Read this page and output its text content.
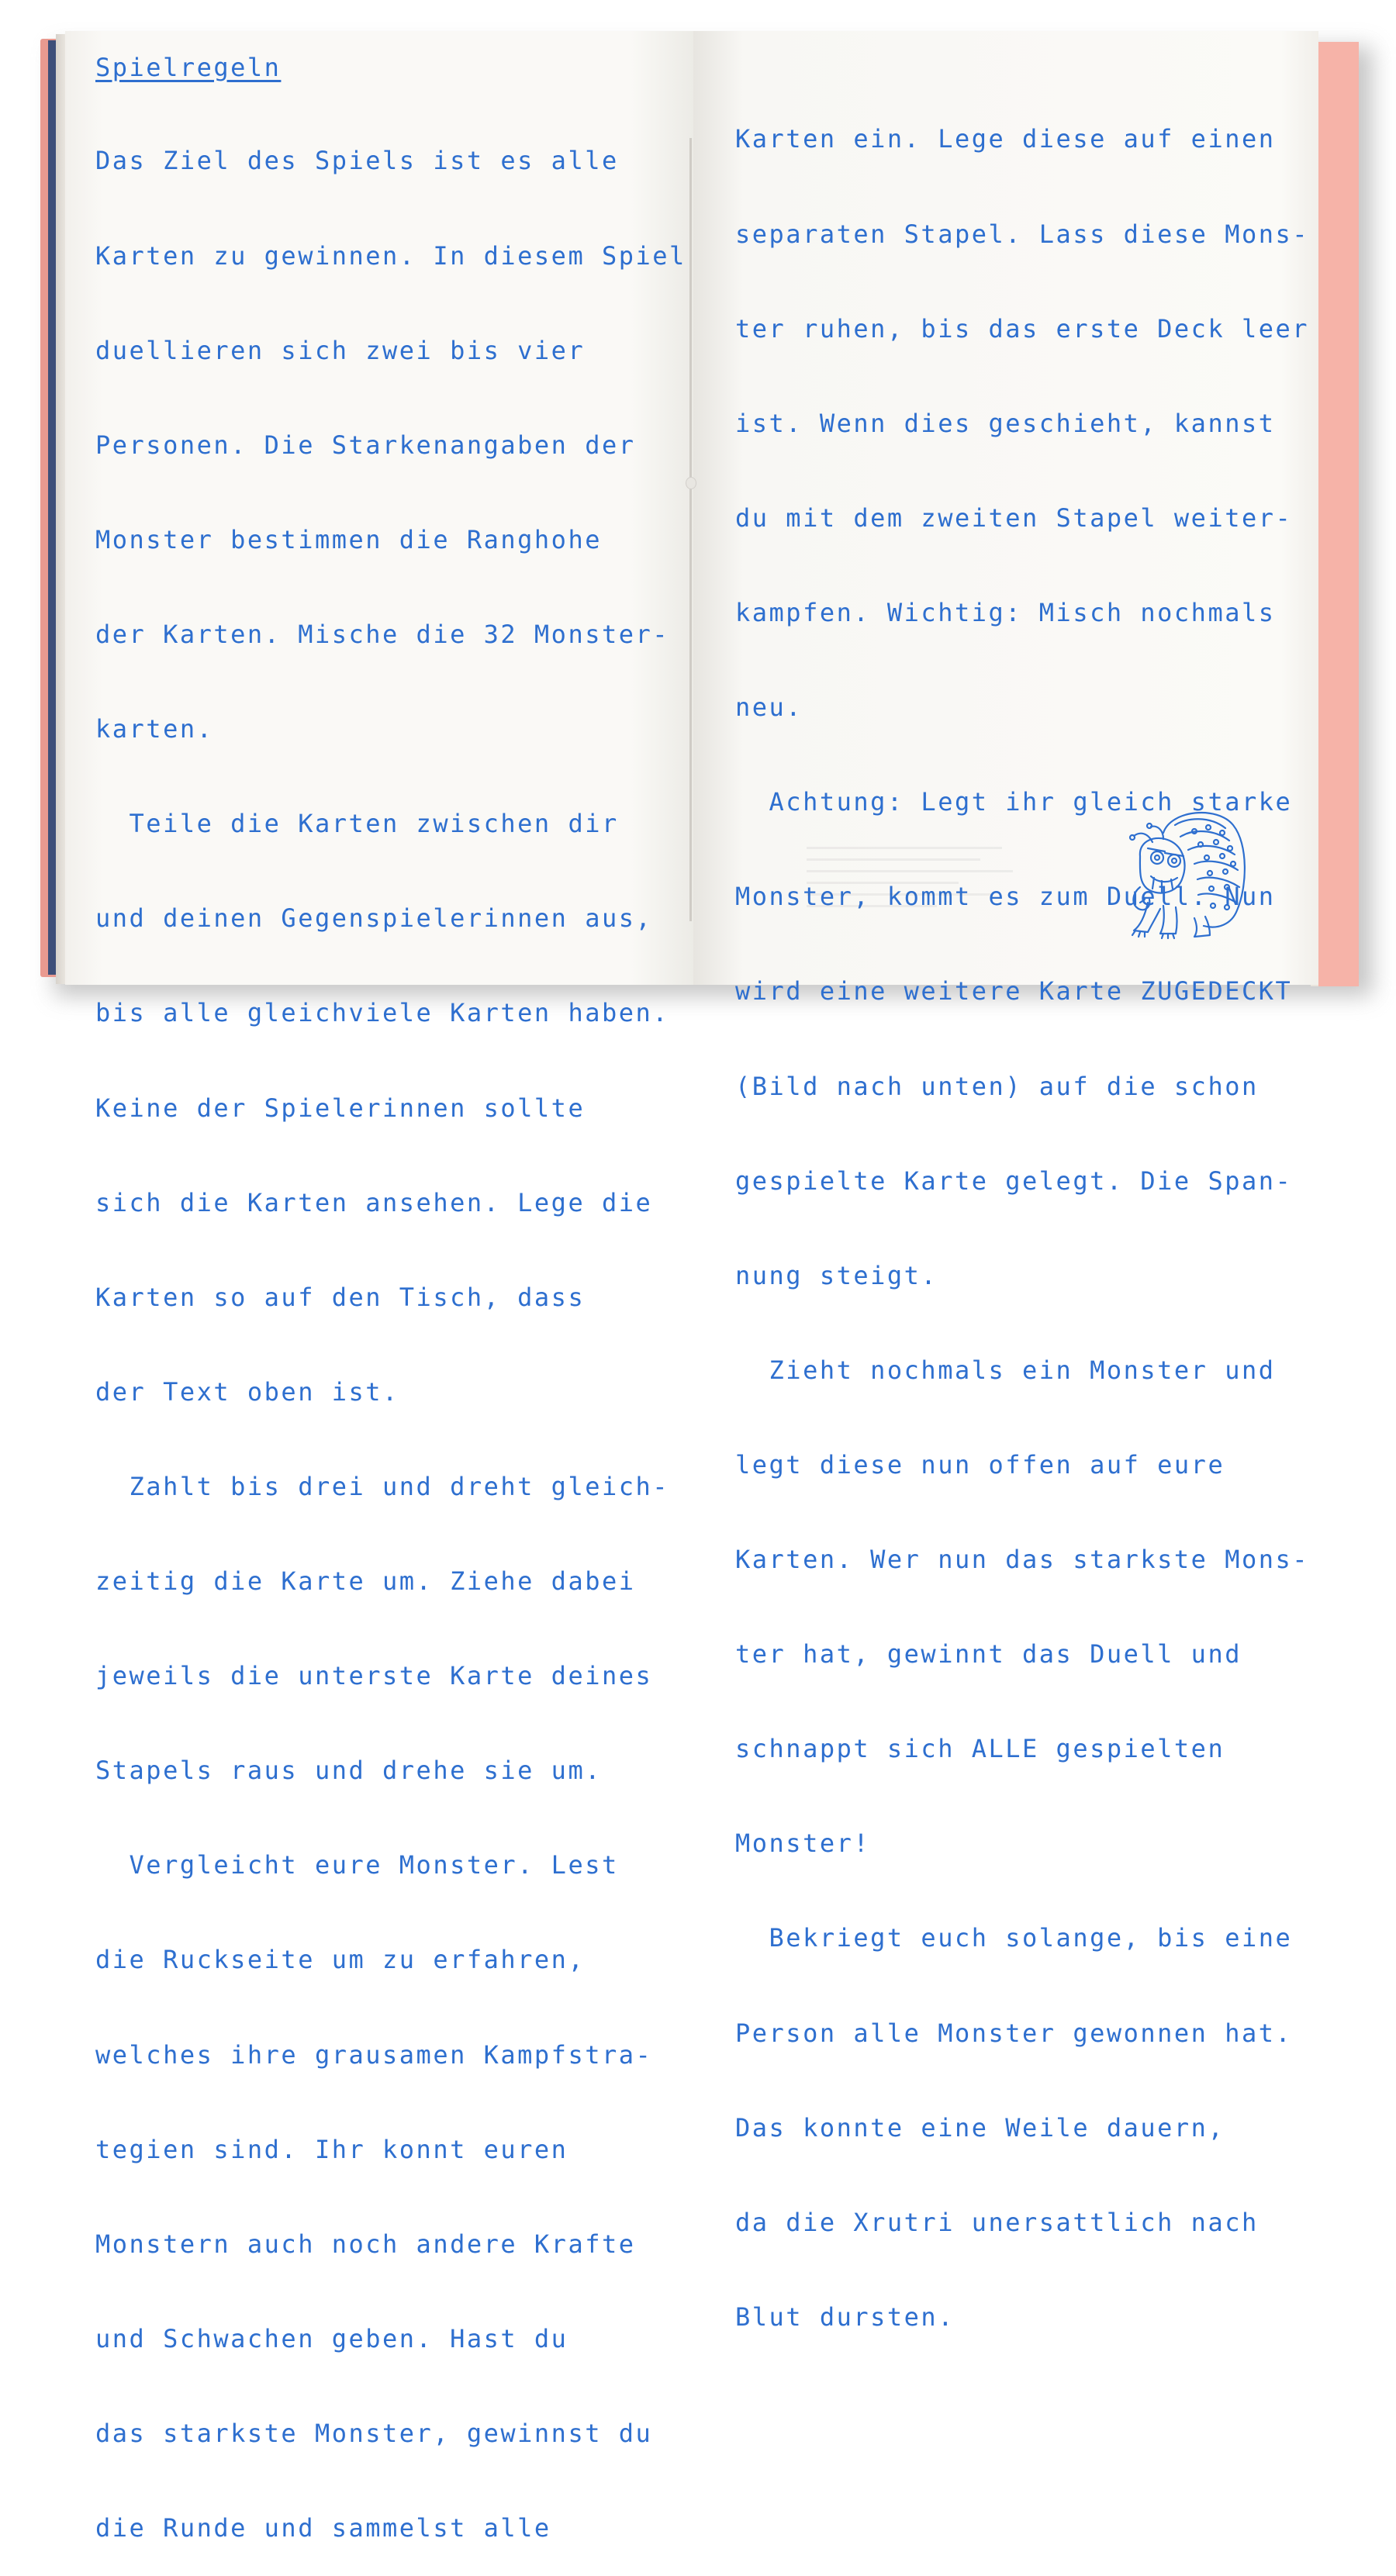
Spielregeln

Das Ziel des Spiels ist es alle

Karten zu gewinnen. In diesem Spiel

duellieren sich zwei bis vier

Personen. Die Starkenangaben der

Monster bestimmen die Ranghohe

der Karten. Mische die 32 Monster-

karten.

Teile die Karten zwischen dir

und deinen Gegenspielerinnen aus,

bis alle gleichviele Karten haben.

Keine der Spielerinnen sollte

sich die Karten ansehen. Lege die

Karten so auf den Tisch, dass

der Text oben ist.

Zahlt bis drei und dreht gleich-

zeitig die Karte um. Ziehe dabei

jeweils die unterste Karte deines

Stapels raus und drehe sie um.

Vergleicht eure Monster. Lest

die Ruckseite um zu erfahren,

welches ihre grausamen Kampfstra-

tegien sind. Ihr konnt euren

Monstern auch noch andere Krafte

und Schwachen geben. Hast du

das starkste Monster, gewinnst du

die Runde und sammelst alle

Karten ein. Lege diese auf einen

separaten Stapel. Lass diese Mons-

ter ruhen, bis das erste Deck leer

ist. Wenn dies geschieht, kannst

du mit dem zweiten Stapel weiter-

kampfen. Wichtig: Misch nochmals

neu.

Achtung: Legt ihr gleich starke

Monster, kommt es zum Duell. Nun

wird eine weitere Karte ZUGEDECKT

(Bild nach unten) auf die schon

gespielte Karte gelegt. Die Span-

nung steigt.

Zieht nochmals ein Monster und

legt diese nun offen auf eure

Karten. Wer nun das starkste Mons-

ter hat, gewinnt das Duell und

schnappt sich ALLE gespielten

Monster!

Bekriegt euch solange, bis eine

Person alle Monster gewonnen hat.

Das konnte eine Weile dauern,

da die Xrutri unersattlich nach

Blut dursten.
